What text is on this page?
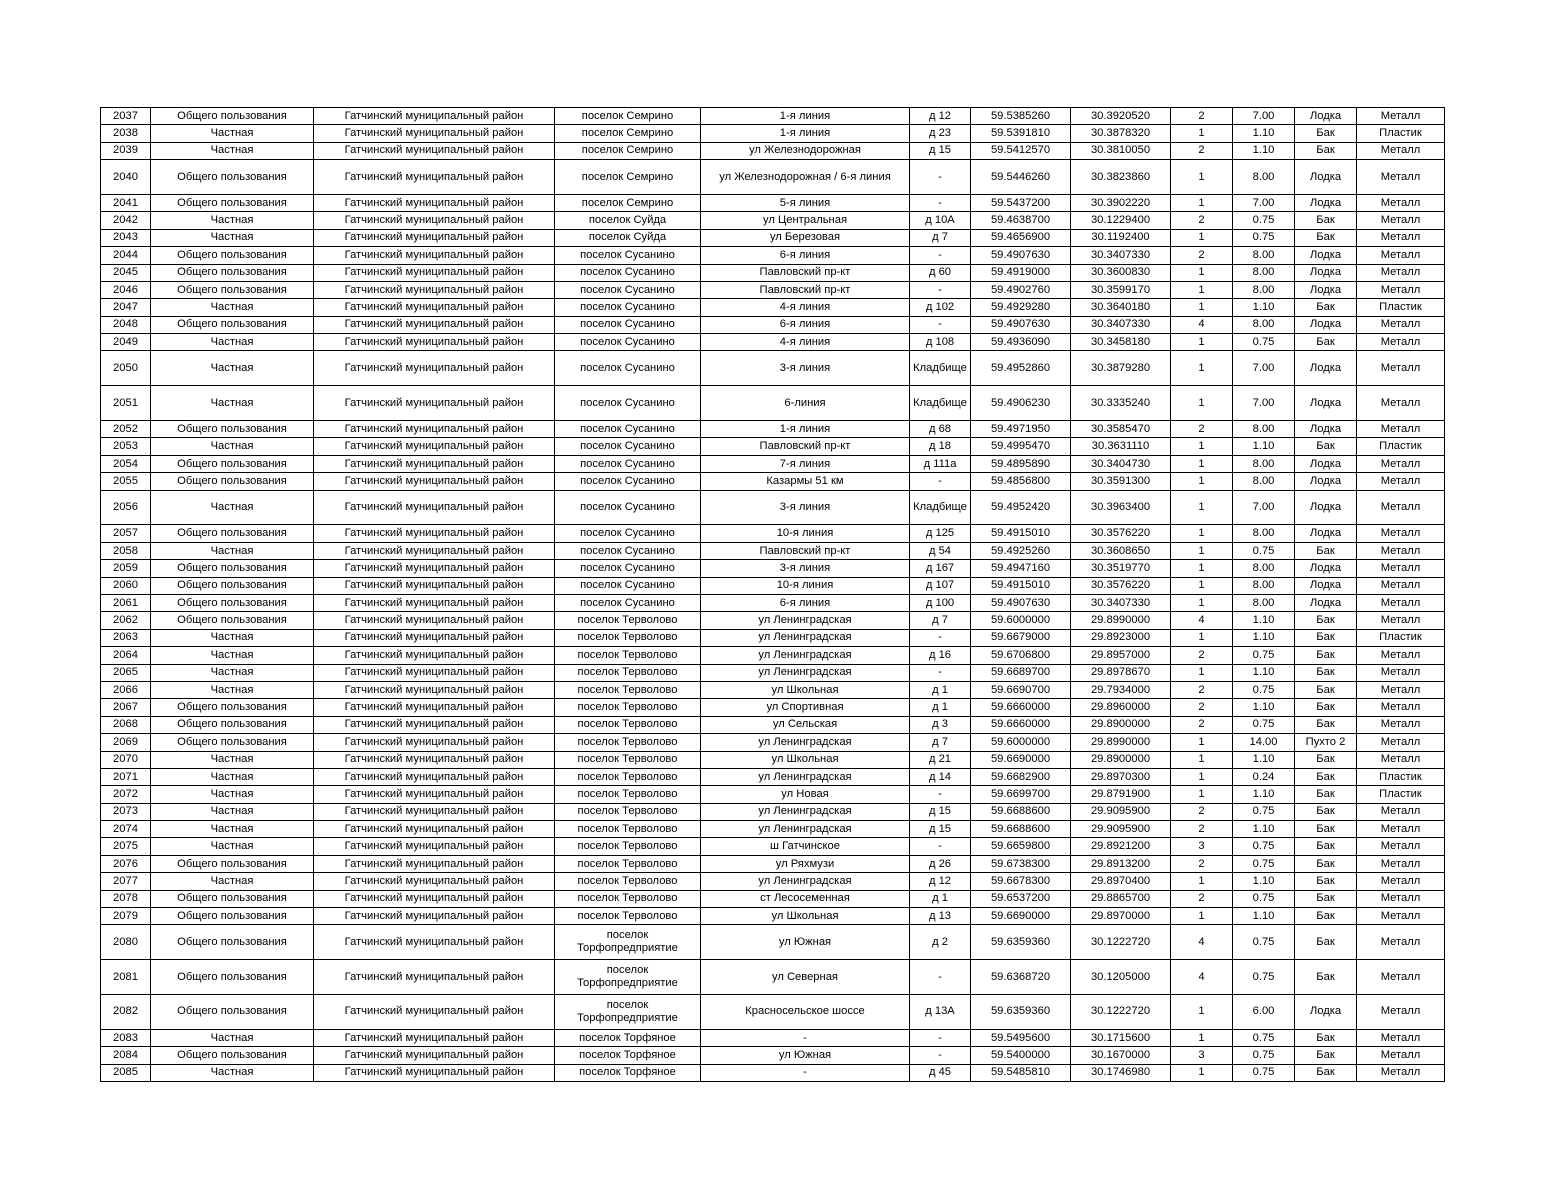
2037	Общего пользования	Гатчинский муниципальный район	поселок Семрино	1-я линия	д 12	59.5385260	30.3920520	2	7.00	Лодка	Металл
2038	Частная	Гатчинский муниципальный район	поселок Семрино	1-я линия	д 23	59.5391810	30.3878320	1	1.10	Бак	Пластик
2039	Частная	Гатчинский муниципальный район	поселок Семрино	ул Железнодорожная	д 15	59.5412570	30.3810050	2	1.10	Бак	Металл
2040	Общего пользования	Гатчинский муниципальный район	поселок Семрино	ул Железнодорожная / 6-я линия	-	59.5446260	30.3823860	1	8.00	Лодка	Металл
2041	Общего пользования	Гатчинский муниципальный район	поселок Семрино	5-я линия	-	59.5437200	30.3902220	1	7.00	Лодка	Металл
2042	Частная	Гатчинский муниципальный район	поселок Суйда	ул Центральная	д 10А	59.4638700	30.1229400	2	0.75	Бак	Металл
2043	Частная	Гатчинский муниципальный район	поселок Суйда	ул Березовая	д 7	59.4656900	30.1192400	1	0.75	Бак	Металл
2044	Общего пользования	Гатчинский муниципальный район	поселок Сусанино	6-я линия	-	59.4907630	30.3407330	2	8.00	Лодка	Металл
2045	Общего пользования	Гатчинский муниципальный район	поселок Сусанино	Павловский пр-кт	д 60	59.4919000	30.3600830	1	8.00	Лодка	Металл
2046	Общего пользования	Гатчинский муниципальный район	поселок Сусанино	Павловский пр-кт	-	59.4902760	30.3599170	1	8.00	Лодка	Металл
2047	Частная	Гатчинский муниципальный район	поселок Сусанино	4-я линия	д 102	59.4929280	30.3640180	1	1.10	Бак	Пластик
2048	Общего пользования	Гатчинский муниципальный район	поселок Сусанино	6-я линия	-	59.4907630	30.3407330	4	8.00	Лодка	Металл
2049	Частная	Гатчинский муниципальный район	поселок Сусанино	4-я линия	д 108	59.4936090	30.3458180	1	0.75	Бак	Металл
2050	Частная	Гатчинский муниципальный район	поселок Сусанино	3-я линия	Кладбище	59.4952860	30.3879280	1	7.00	Лодка	Металл
2051	Частная	Гатчинский муниципальный район	поселок Сусанино	6-линия	Кладбище	59.4906230	30.3335240	1	7.00	Лодка	Металл
2052	Общего пользования	Гатчинский муниципальный район	поселок Сусанино	1-я линия	д 68	59.4971950	30.3585470	2	8.00	Лодка	Металл
2053	Частная	Гатчинский муниципальный район	поселок Сусанино	Павловский пр-кт	д 18	59.4995470	30.3631110	1	1.10	Бак	Пластик
2054	Общего пользования	Гатчинский муниципальный район	поселок Сусанино	7-я линия	д 111а	59.4895890	30.3404730	1	8.00	Лодка	Металл
2055	Общего пользования	Гатчинский муниципальный район	поселок Сусанино	Казармы 51 км	-	59.4856800	30.3591300	1	8.00	Лодка	Металл
2056	Частная	Гатчинский муниципальный район	поселок Сусанино	3-я линия	Кладбище	59.4952420	30.3963400	1	7.00	Лодка	Металл
2057	Общего пользования	Гатчинский муниципальный район	поселок Сусанино	10-я линия	д 125	59.4915010	30.3576220	1	8.00	Лодка	Металл
2058	Частная	Гатчинский муниципальный район	поселок Сусанино	Павловский пр-кт	д 54	59.4925260	30.3608650	1	0.75	Бак	Металл
2059	Общего пользования	Гатчинский муниципальный район	поселок Сусанино	3-я линия	д 167	59.4947160	30.3519770	1	8.00	Лодка	Металл
2060	Общего пользования	Гатчинский муниципальный район	поселок Сусанино	10-я линия	д 107	59.4915010	30.3576220	1	8.00	Лодка	Металл
2061	Общего пользования	Гатчинский муниципальный район	поселок Сусанино	6-я линия	д 100	59.4907630	30.3407330	1	8.00	Лодка	Металл
2062	Общего пользования	Гатчинский муниципальный район	поселок Терволово	ул Ленинградская	д 7	59.6000000	29.8990000	4	1.10	Бак	Металл
2063	Частная	Гатчинский муниципальный район	поселок Терволово	ул Ленинградская	-	59.6679000	29.8923000	1	1.10	Бак	Пластик
2064	Частная	Гатчинский муниципальный район	поселок Терволово	ул Ленинградская	д 16	59.6706800	29.8957000	2	0.75	Бак	Металл
2065	Частная	Гатчинский муниципальный район	поселок Терволово	ул Ленинградская	-	59.6689700	29.8978670	1	1.10	Бак	Металл
2066	Частная	Гатчинский муниципальный район	поселок Терволово	ул Школьная	д 1	59.6690700	29.7934000	2	0.75	Бак	Металл
2067	Общего пользования	Гатчинский муниципальный район	поселок Терволово	ул Спортивная	д 1	59.6660000	29.8960000	2	1.10	Бак	Металл
2068	Общего пользования	Гатчинский муниципальный район	поселок Терволово	ул Сельская	д 3	59.6660000	29.8900000	2	0.75	Бак	Металл
2069	Общего пользования	Гатчинский муниципальный район	поселок Терволово	ул Ленинградская	д 7	59.6000000	29.8990000	1	14.00	Пухто 2	Металл
2070	Частная	Гатчинский муниципальный район	поселок Терволово	ул Школьная	д 21	59.6690000	29.8900000	1	1.10	Бак	Металл
2071	Частная	Гатчинский муниципальный район	поселок Терволово	ул Ленинградская	д 14	59.6682900	29.8970300	1	0.24	Бак	Пластик
2072	Частная	Гатчинский муниципальный район	поселок Терволово	ул Новая	-	59.6699700	29.8791900	1	1.10	Бак	Пластик
2073	Частная	Гатчинский муниципальный район	поселок Терволово	ул Ленинградская	д 15	59.6688600	29.9095900	2	0.75	Бак	Металл
2074	Частная	Гатчинский муниципальный район	поселок Терволово	ул Ленинградская	д 15	59.6688600	29.9095900	2	1.10	Бак	Металл
2075	Частная	Гатчинский муниципальный район	поселок Терволово	ш Гатчинское	-	59.6659800	29.8921200	3	0.75	Бак	Металл
2076	Общего пользования	Гатчинский муниципальный район	поселок Терволово	ул Ряхмузи	д 26	59.6738300	29.8913200	2	0.75	Бак	Металл
2077	Частная	Гатчинский муниципальный район	поселок Терволово	ул Ленинградская	д 12	59.6678300	29.8970400	1	1.10	Бак	Металл
2078	Общего пользования	Гатчинский муниципальный район	поселок Терволово	ст Лесосеменная	д 1	59.6537200	29.8865700	2	0.75	Бак	Металл
2079	Общего пользования	Гатчинский муниципальный район	поселок Терволово	ул Школьная	д 13	59.6690000	29.8970000	1	1.10	Бак	Металл
2080	Общего пользования	Гатчинский муниципальный район	поселок Торфопредприятие	ул Южная	д 2	59.6359360	30.1222720	4	0.75	Бак	Металл
2081	Общего пользования	Гатчинский муниципальный район	поселок Торфопредприятие	ул Северная	-	59.6368720	30.1205000	4	0.75	Бак	Металл
2082	Общего пользования	Гатчинский муниципальный район	поселок Торфопредприятие	Красносельское шоссе	д 13А	59.6359360	30.1222720	1	6.00	Лодка	Металл
2083	Частная	Гатчинский муниципальный район	поселок Торфяное	-	-	59.5495600	30.1715600	1	0.75	Бак	Металл
2084	Общего пользования	Гатчинский муниципальный район	поселок Торфяное	ул Южная	-	59.5400000	30.1670000	3	0.75	Бак	Металл
2085	Частная	Гатчинский муниципальный район	поселок Торфяное	-	д 45	59.5485810	30.1746980	1	0.75	Бак	Металл
